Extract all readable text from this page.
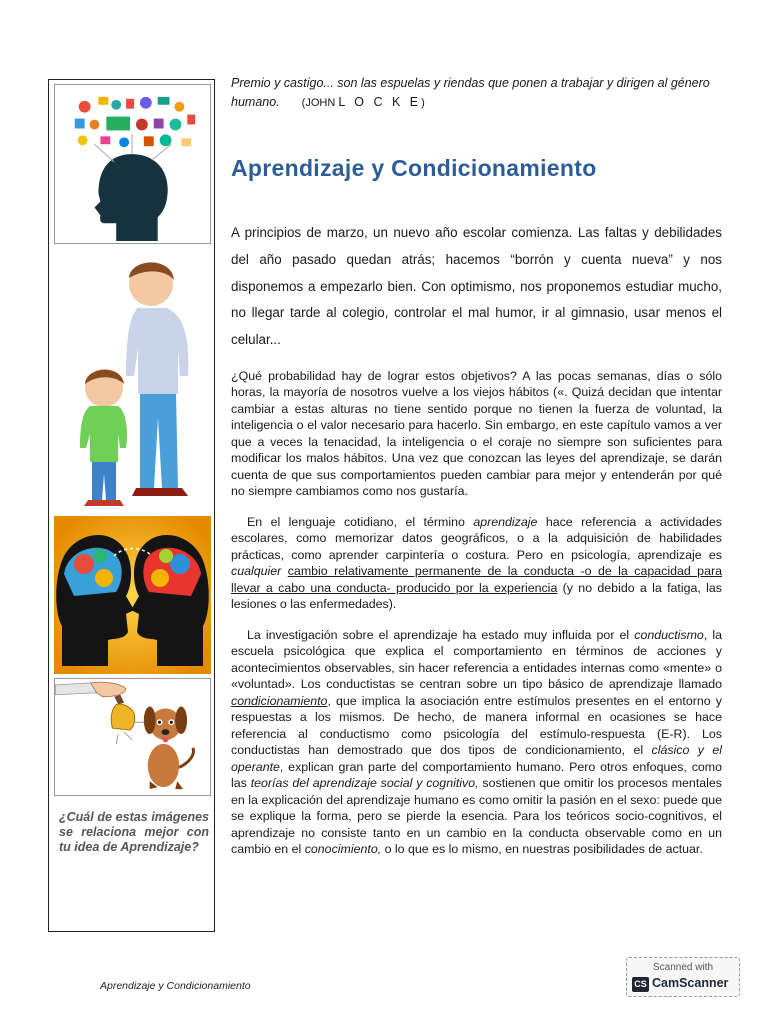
¿Cuál de estas imágenes se relaciona mejor con tu idea de Aprendizaje?

Premio y castigo... son las espuelas y riendas que ponen a trabajar y dirigen al género humano. (JOHN L O C K E)

Aprendizaje y Condicionamiento

A principios de marzo, un nuevo año escolar comienza. Las faltas y debilidades del año pasado quedan atrás; hacemos “borrón y cuenta nueva” y nos disponemos a empezarlo bien. Con optimismo, nos proponemos estudiar mucho, no llegar tarde al colegio, controlar el mal humor, ir al gimnasio, usar menos el celular...

¿Qué probabilidad hay de lograr estos objetivos? A las pocas semanas, días o sólo horas, la mayoría de nosotros vuelve a los viejos hábitos («. Quizá decidan que intentar cambiar a estas alturas no tiene sentido porque no tienen la fuerza de voluntad, la inteligencia o el valor necesario para hacerlo. Sin embargo, en este capítulo vamos a ver que a veces la tenacidad, la inteligencia o el coraje no siempre son suficientes para modificar los malos hábitos. Una vez que conozcan las leyes del aprendizaje, se darán cuenta de que sus comportamientos pueden cambiar para mejor y entenderán por qué no siempre cambiamos como nos gustaría.

En el lenguaje cotidiano, el término aprendizaje hace referencia a actividades escolares, como memorizar datos geográficos, o a la adquisición de habilidades prácticas, como aprender carpintería o costura. Pero en psicología, aprendizaje es cualquier cambio relativamente permanente de la conducta -o de la capacidad para llevar a cabo una conducta- producido por la experiencia (y no debido a la fatiga, las lesiones o las enfermedades).

La investigación sobre el aprendizaje ha estado muy influida por el conductismo, la escuela psicológica que explica el comportamiento en términos de acciones y acontecimientos observables, sin hacer referencia a entidades internas como «mente» o «voluntad». Los conductistas se centran sobre un tipo básico de aprendizaje llamado condicionamiento, que implica la asociación entre estímulos presentes en el entorno y respuestas a los mismos. De hecho, de manera informal en ocasiones se hace referencia al conductismo como psicología del estímulo-respuesta (E-R). Los conductistas han demostrado que dos tipos de condicionamiento, el clásico y el operante, explican gran parte del comportamiento humano. Pero otros enfoques, como las teorías del aprendizaje social y cognitivo, sostienen que omitir los procesos mentales en la explicación del aprendizaje humano es como omitir la pasión en el sexo: puede que se explique la forma, pero se pierde la esencia. Para los teóricos socio-cognitivos, el aprendizaje no consiste tanto en un cambio en la conducta observable como en un cambio en el conocimiento, o lo que es lo mismo, en nuestras posibilidades de actuar.

Aprendizaje y Condicionamiento
Scanned with
CS CamScanner
